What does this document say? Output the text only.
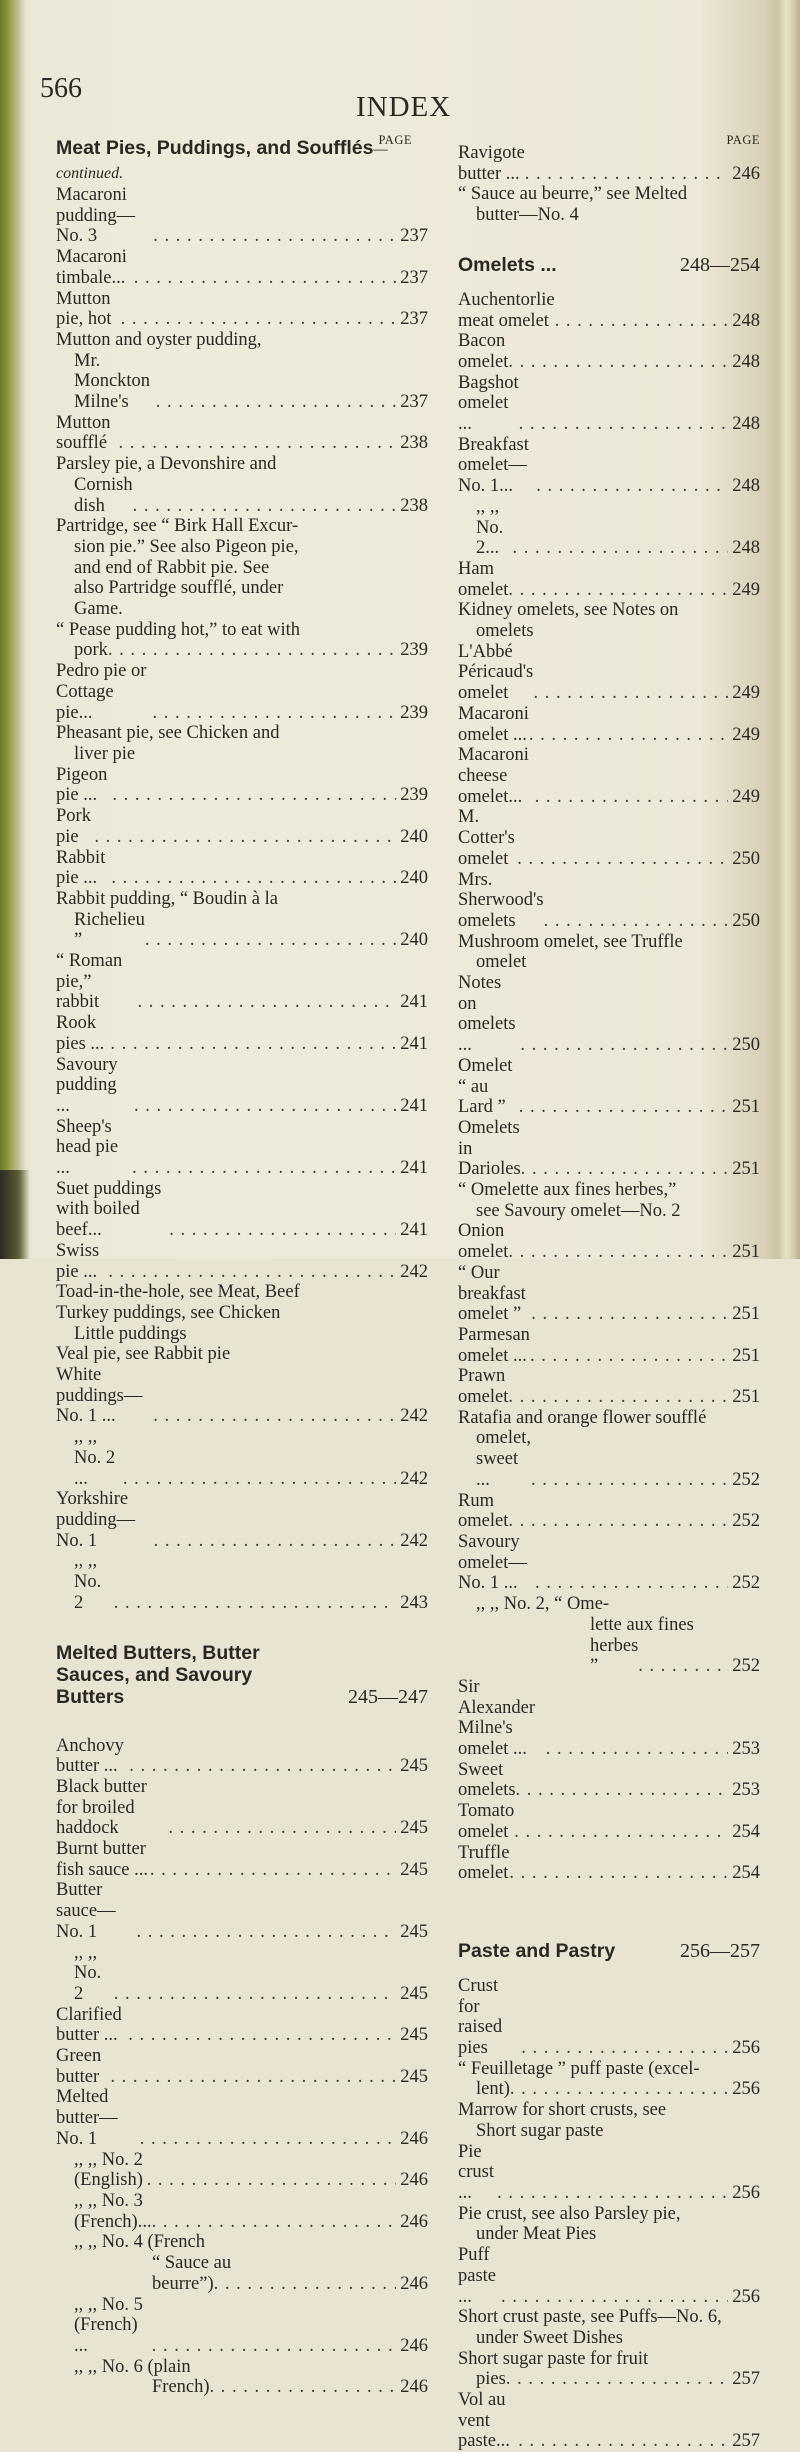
566
INDEX
PAGE
Meat Pies, Puddings, and Soufflés—continued.
Macaroni pudding—No. 3 . . .	237
Macaroni timbale... . . .	237
Mutton pie, hot . . .	237
Mutton and oyster pudding,
Mr. Monckton Milne's . . .	237
Mutton soufflé . . .	238
Parsley pie, a Devonshire and
Cornish dish . . .	238
Partridge, see “ Birk Hall Excur-
sion pie.” See also Pigeon pie,
and end of Rabbit pie. See
also Partridge soufflé, under
Game.
“ Pease pudding hot,” to eat with
pork . . .	239
Pedro pie or Cottage pie... . . .	239
Pheasant pie, see Chicken and
liver pie
Pigeon pie ... . . .	239
Pork pie . . .	240
Rabbit pie ... . . .	240
Rabbit pudding, “ Boudin à la
Richelieu ” . . .	240
“ Roman pie,” rabbit . . .	241
Rook pies ... . . .	241
Savoury pudding ... . . .	241
Sheep's head pie ... . . .	241
Suet puddings with boiled beef... . . .	241
Swiss pie ... . . .	242
Toad-in-the-hole, see Meat, Beef
Turkey puddings, see Chicken
Little puddings
Veal pie, see Rabbit pie
White puddings—No. 1 ... . . .	242
,, ,, No. 2 ... . . .	242
Yorkshire pudding—No. 1 . . .	242
,, ,, No. 2 . . .	243
Melted Butters, Butter
Sauces, and Savoury
Butters	245—247
Anchovy butter ... . . .	245
Black butter for broiled haddock . . .	245
Burnt butter fish sauce ... . . .	245
Butter sauce—No. 1 . . .	245
,, ,, No. 2 . . .	245
Clarified butter ... . . .	245
Green butter . . .	245
Melted butter—No. 1 . . .	246
,, ,, No. 2 (English) . . .	246
,, ,, No. 3 (French)... . . .	246
,, ,, No. 4 (French
“ Sauce au
beurre”) . . .	246
,, ,, No. 5 (French) ... . . .	246
,, ,, No. 6 (plain
French) . . .	246
PAGE
Ravigote butter ... . . .	246
“ Sauce au beurre,” see Melted
butter—No. 4
Omelets ...	248—254
Auchentorlie meat omelet . . .	248
Bacon omelet . . .	248
Bagshot omelet ... . . .	248
Breakfast omelet—No. 1... . . .	248
,, ,, No. 2... . . .	248
Ham omelet . . .	249
Kidney omelets, see Notes on
omelets
L'Abbé Péricaud's omelet . . .	249
Macaroni omelet ... . . .	249
Macaroni cheese omelet... . . .	249
M. Cotter's omelet . . .	250
Mrs. Sherwood's omelets . . .	250
Mushroom omelet, see Truffle
omelet
Notes on omelets ... . . .	250
Omelet “ au Lard ” . . .	251
Omelets in Darioles . . .	251
“ Omelette aux fines herbes,”
see Savoury omelet—No. 2
Onion omelet . . .	251
“ Our breakfast omelet ” . . .	251
Parmesan omelet ... . . .	251
Prawn omelet . . .	251
Ratafia and orange flower soufflé
omelet, sweet ... . . .	252
Rum omelet . . .	252
Savoury omelet—No. 1 ... . . .	252
,, ,, No. 2, “ Ome-
lette aux fines
herbes ” . . .	252
Sir Alexander Milne's omelet ... . . .	253
Sweet omelets . . .	253
Tomato omelet . . .	254
Truffle omelet . . .	254
Paste and Pastry	256—257
Crust for raised pies . . .	256
“ Feuilletage ” puff paste (excel-
lent) . . .	256
Marrow for short crusts, see
Short sugar paste
Pie crust ... . . .	256
Pie crust, see also Parsley pie,
under Meat Pies
Puff paste ... . . .	256
Short crust paste, see Puffs—No. 6,
under Sweet Dishes
Short sugar paste for fruit
pies . . .	257
Vol au vent paste... . . .	257
